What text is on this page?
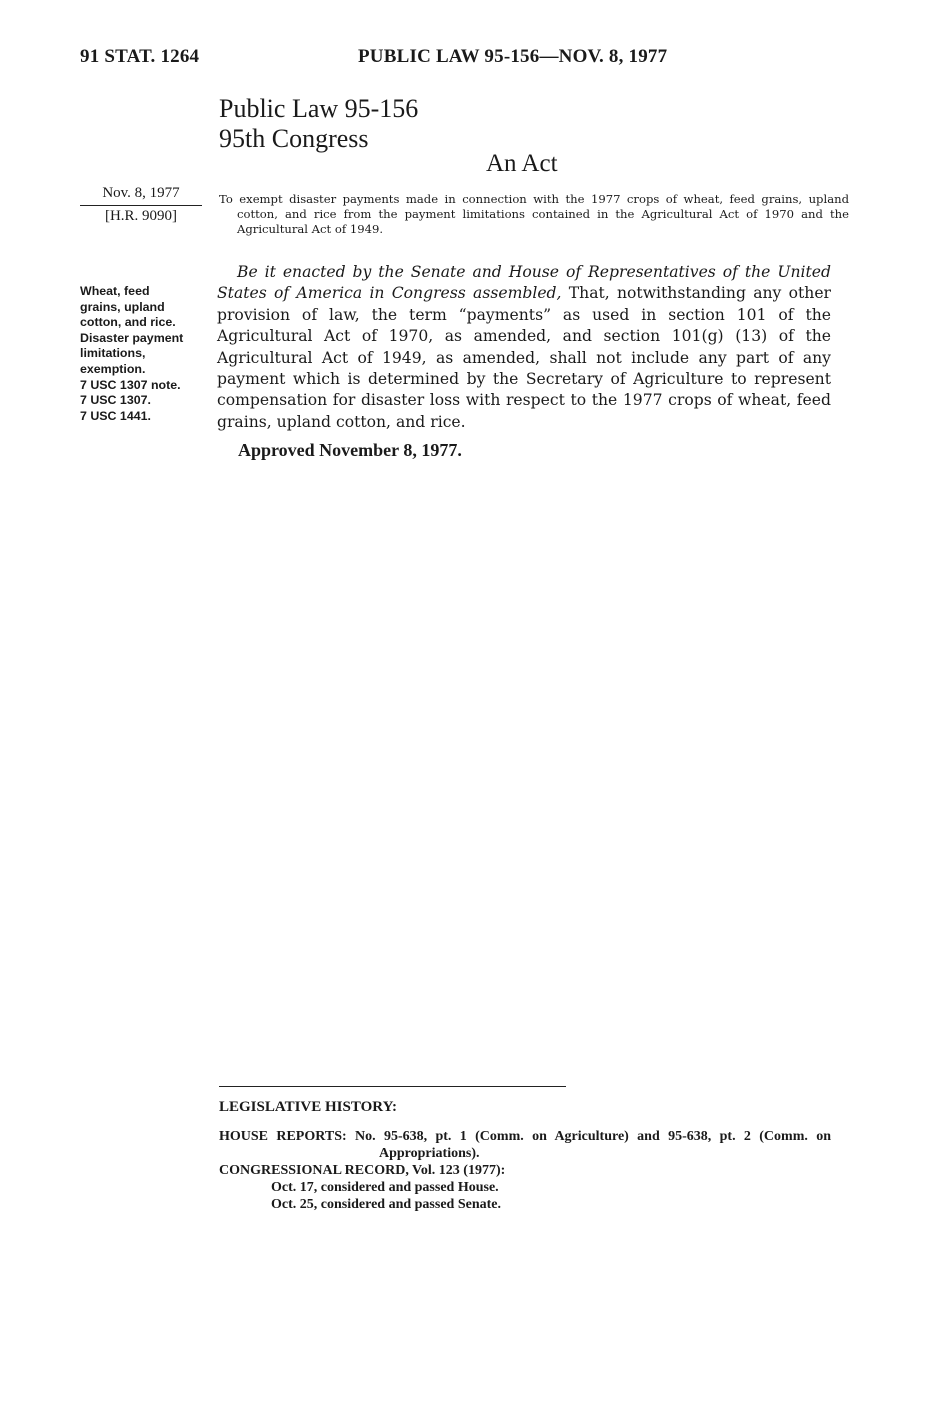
91 STAT. 1264	PUBLIC LAW 95-156—NOV. 8, 1977
Public Law 95-156
95th Congress
An Act
Nov. 8, 1977
[H.R. 9090]
Wheat, feed
grains, upland
cotton, and rice.
Disaster payment
limitations,
exemption.
7 USC 1307 note.
7 USC 1307.
7 USC 1441.
To exempt disaster payments made in connection with the 1977 crops of wheat, feed grains, upland cotton, and rice from the payment limitations contained in the Agricultural Act of 1970 and the Agricultural Act of 1949.

Be it enacted by the Senate and House of Representatives of the United States of America in Congress assembled, That, notwithstanding any other provision of law, the term “payments” as used in section 101 of the Agricultural Act of 1970, as amended, and section 101(g) (13) of the Agricultural Act of 1949, as amended, shall not include any part of any payment which is determined by the Secretary of Agriculture to represent compensation for disaster loss with respect to the 1977 crops of wheat, feed grains, upland cotton, and rice.

Approved November 8, 1977.
LEGISLATIVE HISTORY:
HOUSE REPORTS: No. 95-638, pt. 1 (Comm. on Agriculture) and 95-638, pt. 2 (Comm. on Appropriations).
CONGRESSIONAL RECORD, Vol. 123 (1977):
Oct. 17, considered and passed House.
Oct. 25, considered and passed Senate.
